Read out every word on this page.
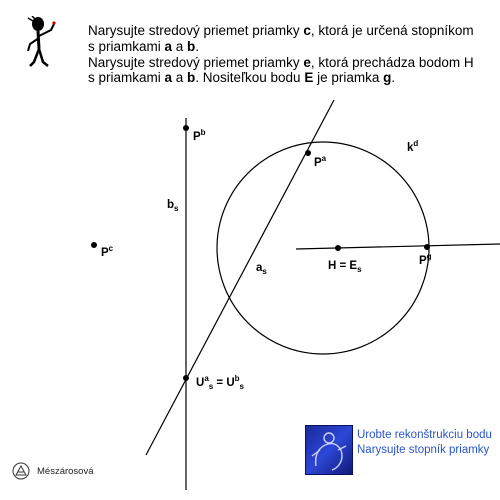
Narysujte stredový priemet priamky c, ktorá je určená stopníkom
s priamkami a a b.
Narysujte stredový priemet priamky e, ktorá prechádza bodom H
s priamkami a a b. Nositeľkou bodu E je priamka g.
$P^b$
$b_s$
$P^c$
$P^a$
$k^d$
$a_s$	$H = E_s$
$P^g$
$U^a_s = U^b_s$
Urobte rekonštrukciu bodu
Narysujte stopník priamky
Mészárosová
